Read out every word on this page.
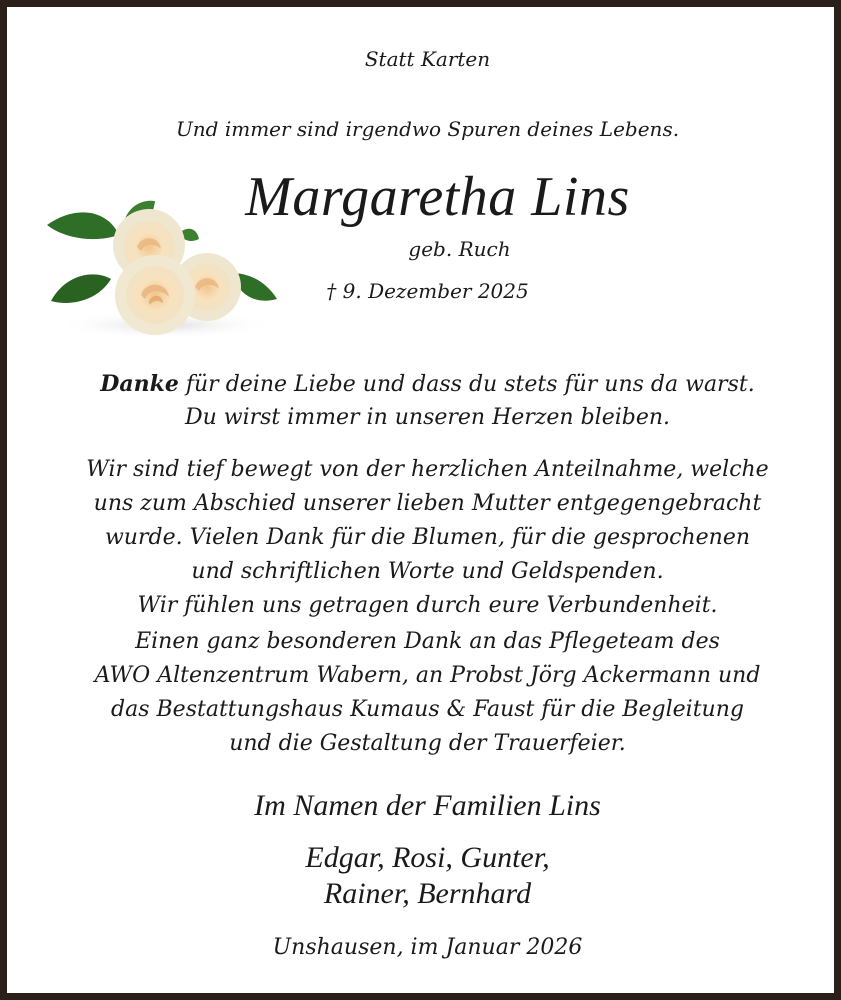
Statt Karten
Und immer sind irgendwo Spuren deines Lebens.
Margaretha Lins
geb. Ruch
† 9. Dezember 2025
Danke für deine Liebe und dass du stets für uns da warst.
Du wirst immer in unseren Herzen bleiben.
Wir sind tief bewegt von der herzlichen Anteilnahme, welche
uns zum Abschied unserer lieben Mutter entgegengebracht
wurde. Vielen Dank für die Blumen, für die gesprochenen
und schriftlichen Worte und Geldspenden.
Wir fühlen uns getragen durch eure Verbundenheit.
Einen ganz besonderen Dank an das Pflegeteam des
AWO Altenzentrum Wabern, an Probst Jörg Ackermann und
das Bestattungshaus Kumaus & Faust für die Begleitung
und die Gestaltung der Trauerfeier.
Im Namen der Familien Lins
Edgar, Rosi, Gunter,
Rainer, Bernhard
Unshausen, im Januar 2026
